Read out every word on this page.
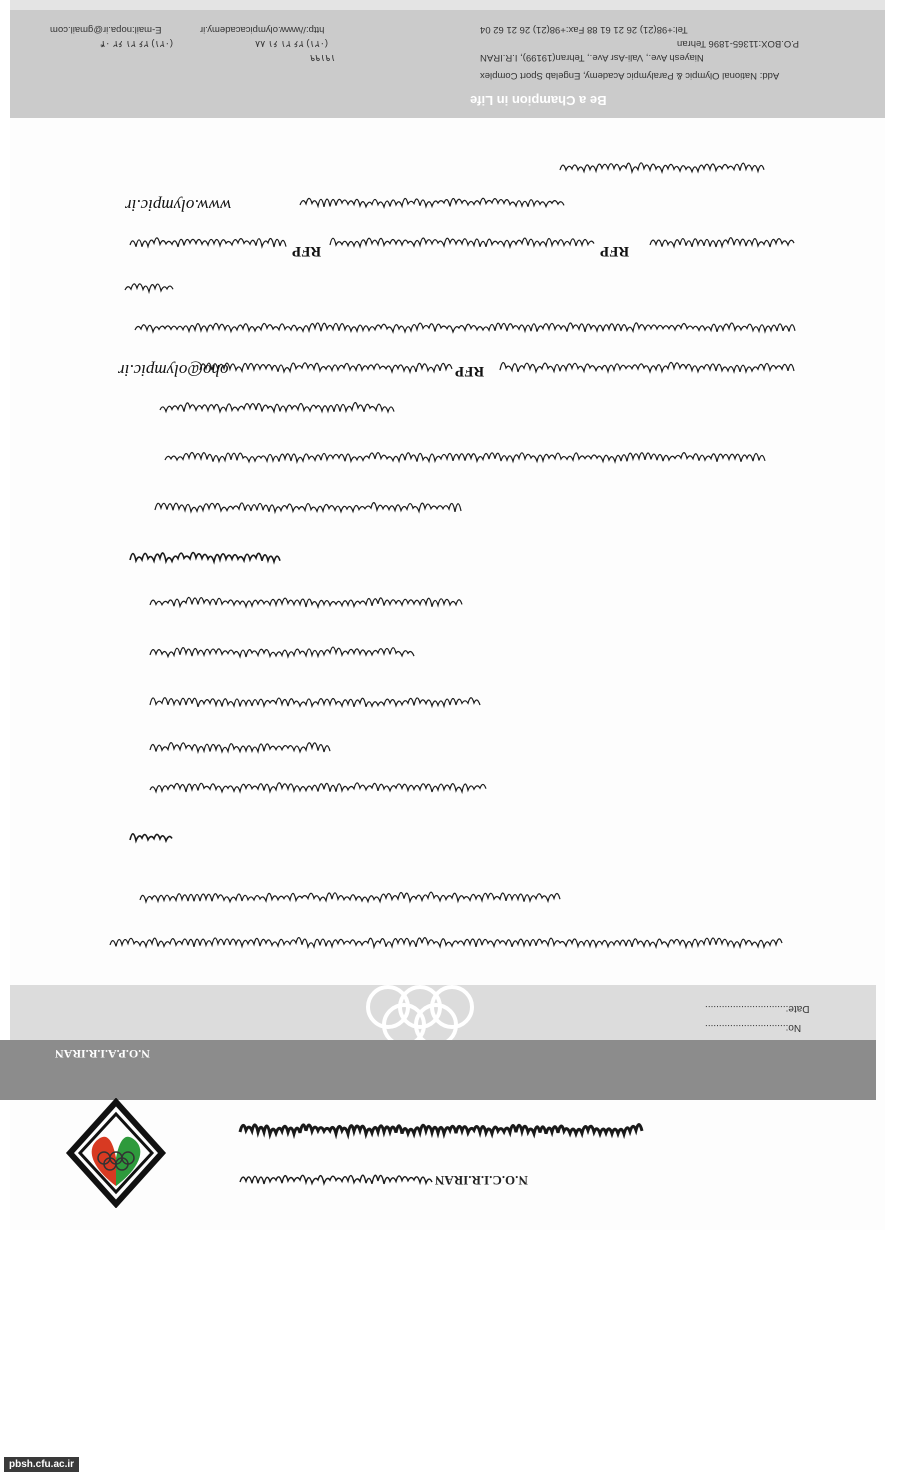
Be a Champion in Life
Add: National Olympic & Paralympic Academy, Engelab Sport Complex
Niayesh Ave., Vali-Asr Ave., Tehran(19199), I.R.IRAN
P.O.BOX:11365-1896 Tehran
Tel:+98(21) 26 21 61 88 Fax:+98(21) 26 21 62 04
http://www.olympicacademy.ir
E-mail:nopa.ir@gmail.com
۱۹۱۹۹
(۰۲۱) ۲۶ ۲۱ ۶۱ ۸۸
(۰۲۱) ۲۶ ۲۱ ۶۲ ۰۴
www.olympic.ir
RFP
RFP
RFP
oho@olympic.ir
Date:.............................
No:.............................
N.O.P.A.I.R.IRAN
N.O.C.I.R.IRAN
pbsh.cfu.ac.ir
